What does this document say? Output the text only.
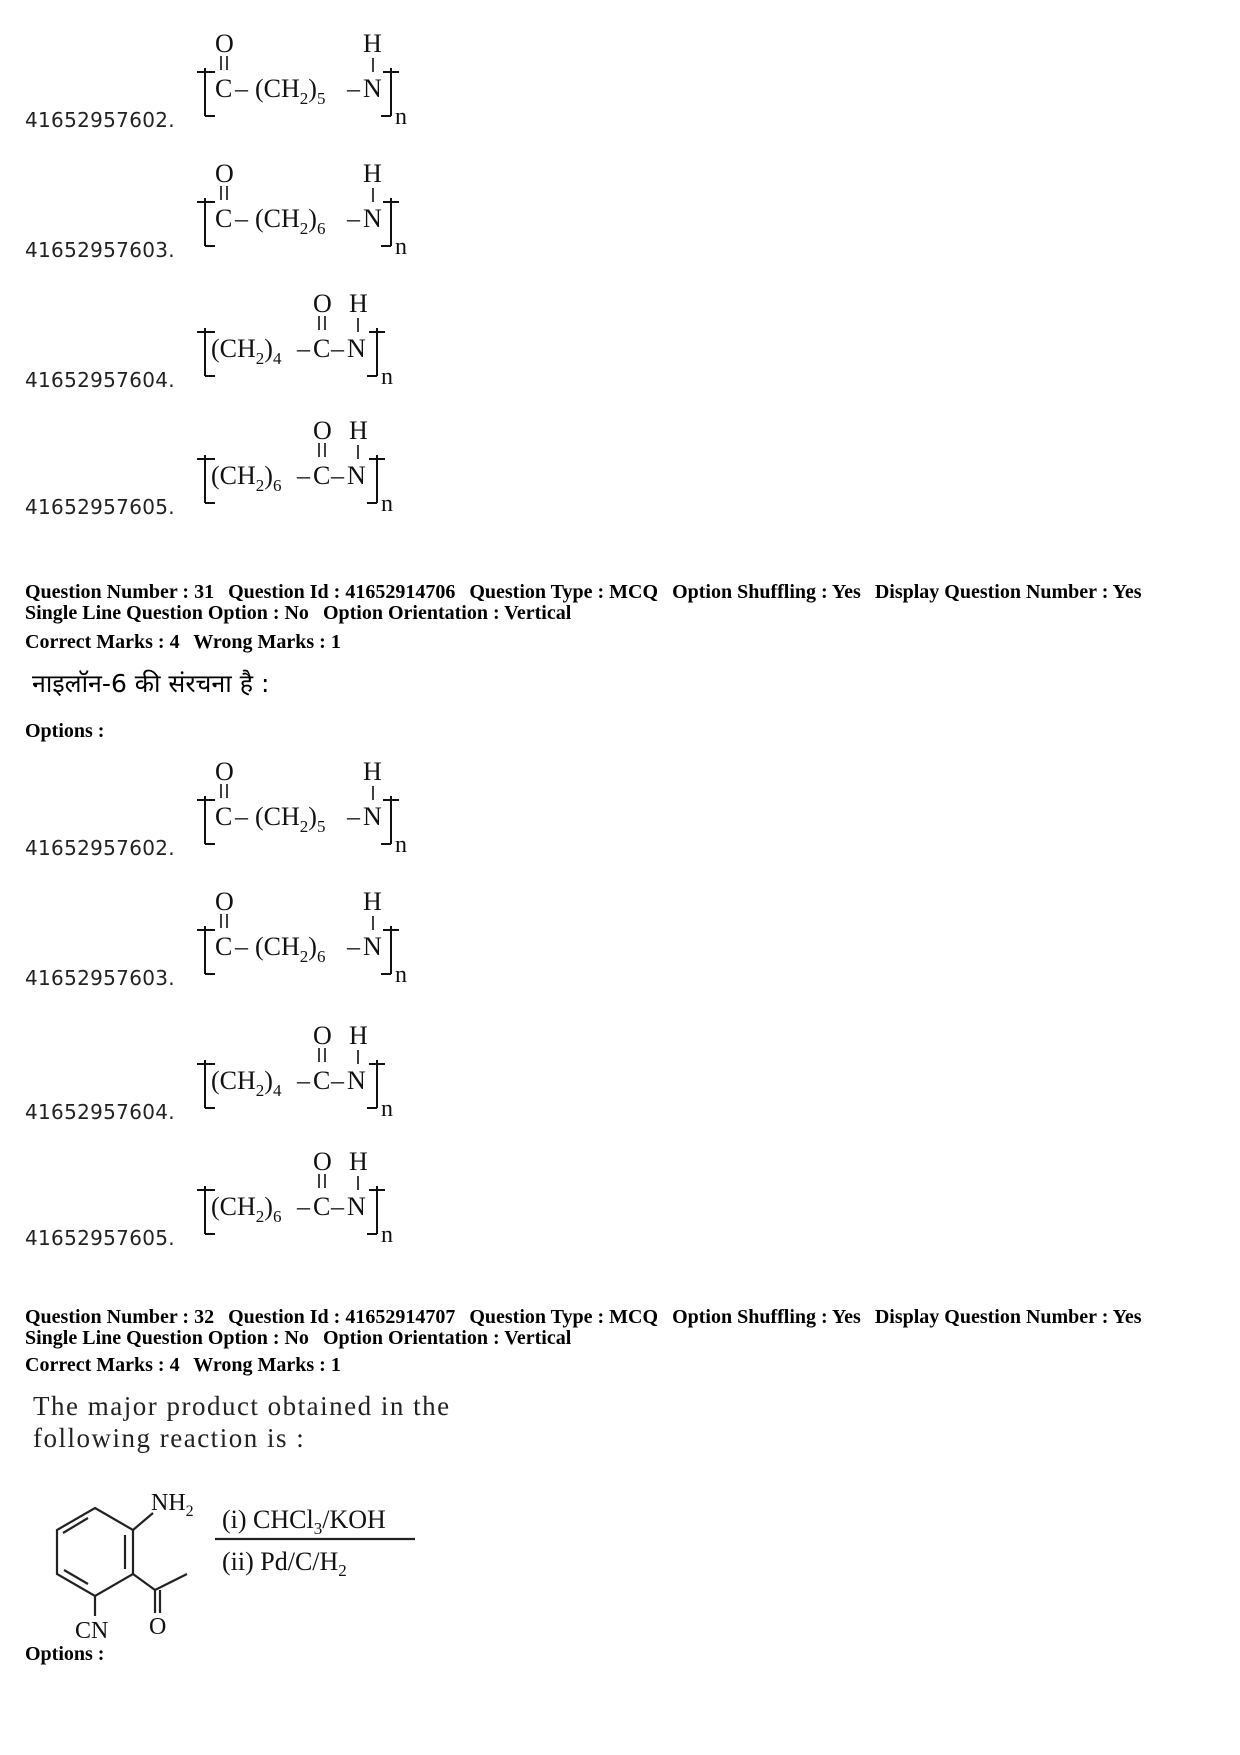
O
C – $(CH_2)_5$ – N
H
n
41652957602.
O
C – $(CH_2)_6$ – N
H
n
41652957603.
$(CH_2)_4$ – C
O
– N
H
n
41652957604.
$(CH_2)_6$ – C
O
– N
H
n
41652957605.
Question Number : 31 Question Id : 41652914706 Question Type : MCQ Option Shuffling : Yes Display Question Number : Yes
Single Line Question Option : No Option Orientation : Vertical
Correct Marks : 4 Wrong Marks : 1
नाइलॉन-6 की संरचना है :
Options :
O
C – $(CH_2)_5$ – N
H
n
41652957602.
O
C – $(CH_2)_6$ – N
H
n
41652957603.
$(CH_2)_4$ – C
O
– N
H
n
41652957604.
$(CH_2)_6$ – C
O
– N
H
n
41652957605.
Question Number : 32 Question Id : 41652914707 Question Type : MCQ Option Shuffling : Yes Display Question Number : Yes
Single Line Question Option : No Option Orientation : Vertical
Correct Marks : 4 Wrong Marks : 1
The major product obtained in the
following reaction is :
$NH_2$
CN O
(i) CHCl$_3$/KOH
(ii) $Pd/C/H_2$
Options :
